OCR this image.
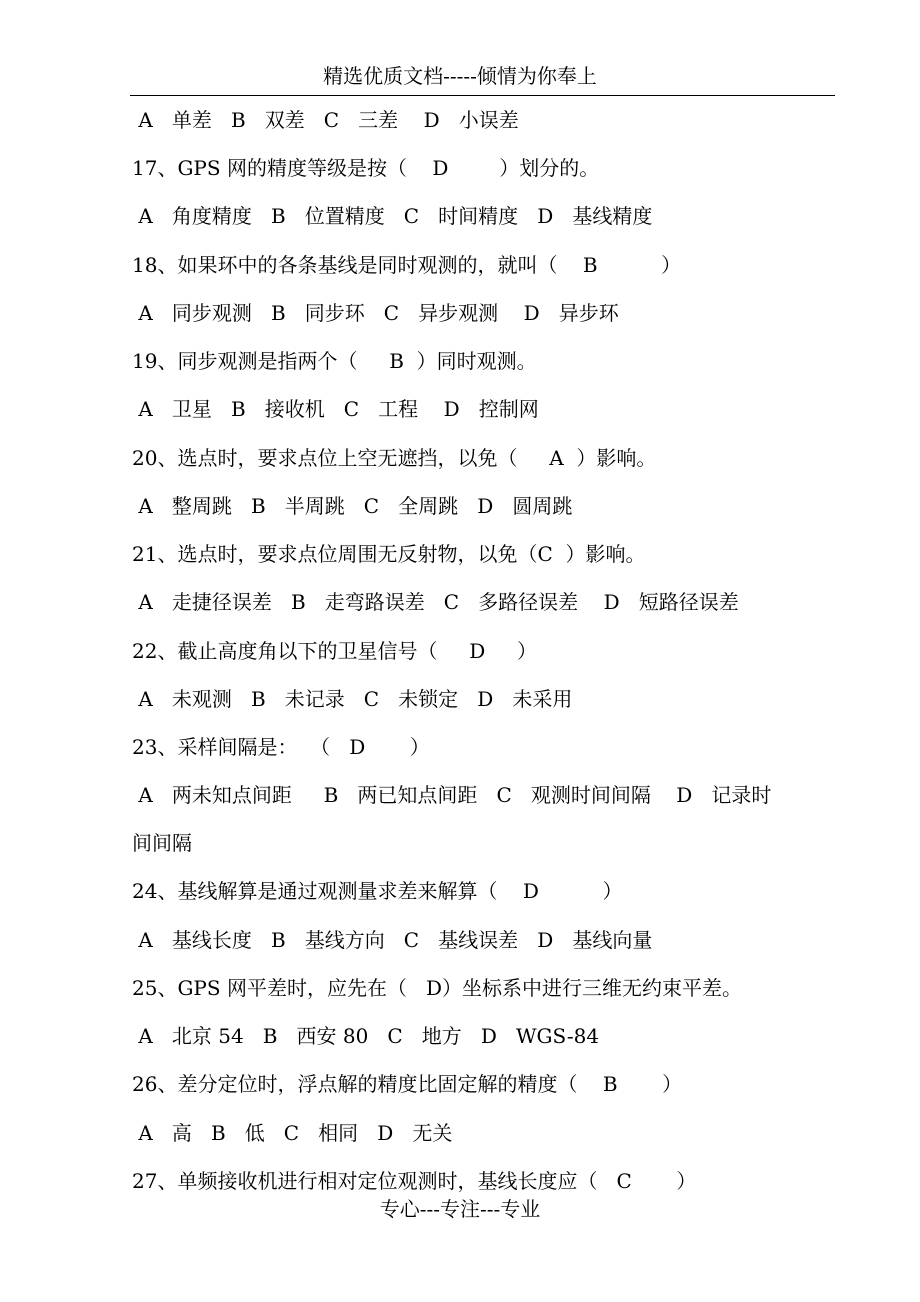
精选优质文档-----倾情为你奉上
A   单差   B   双差   C   三差    D   小误差
17、GPS 网的精度等级是按（    D        ）划分的。
A   角度精度   B   位置精度   C   时间精度   D   基线精度
18、如果环中的各条基线是同时观测的，就叫（    B          ）
A   同步观测   B   同步环   C   异步观测    D   异步环
19、同步观测是指两个（     B  ）同时观测。
A   卫星   B   接收机   C   工程    D   控制网
20、选点时，要求点位上空无遮挡，以免（     A  ）影响。
A   整周跳   B   半周跳   C   全周跳   D   圆周跳
21、选点时，要求点位周围无反射物，以免（C  ）影响。
A   走捷径误差   B   走弯路误差   C   多路径误差    D   短路径误差
22、截止高度角以下的卫星信号（     D     ）
A   未观测   B   未记录   C   未锁定   D   未采用
23、采样间隔是：  （   D       ）
A   两未知点间距     B   两已知点间距   C   观测时间间隔    D   记录时
间间隔
24、基线解算是通过观测量求差来解算（    D          ）
A   基线长度   B   基线方向   C   基线误差   D   基线向量
25、GPS 网平差时，应先在（   D）坐标系中进行三维无约束平差。
A   北京 54   B   西安 80   C   地方   D   WGS-84
26、差分定位时，浮点解的精度比固定解的精度（    B       ）
A   高   B   低   C   相同   D   无关
27、单频接收机进行相对定位观测时，基线长度应（   C       ）
专心---专注---专业
